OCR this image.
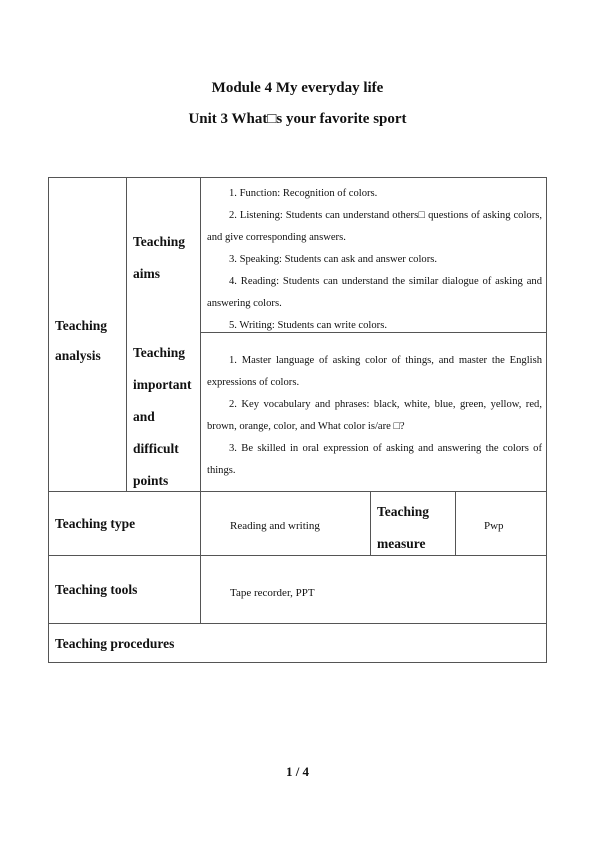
Module 4 My everyday life
Unit 3 What□s your favorite sport
Teaching
analysis
Teaching
aims

1. Function: Recognition of colors.

2. Listening: Students can understand others□ questions of asking colors, and give corresponding answers.

3. Speaking: Students can ask and answer colors.

4. Reading: Students can understand the similar dialogue of asking and answering colors.

5. Writing: Students can write colors.

Teaching
important
and
difficult
points

1. Master language of asking color of things, and master the English expressions of colors.

2. Key vocabulary and phrases: black, white, blue, green, yellow, red, brown, orange, color, and What color is/are □?

3. Be skilled in oral expression of asking and answering the colors of things.

Teaching type	Reading and writing
Teaching
measure
Pwp
Teaching tools	Tape recorder, PPT
Teaching procedures
1 / 4
